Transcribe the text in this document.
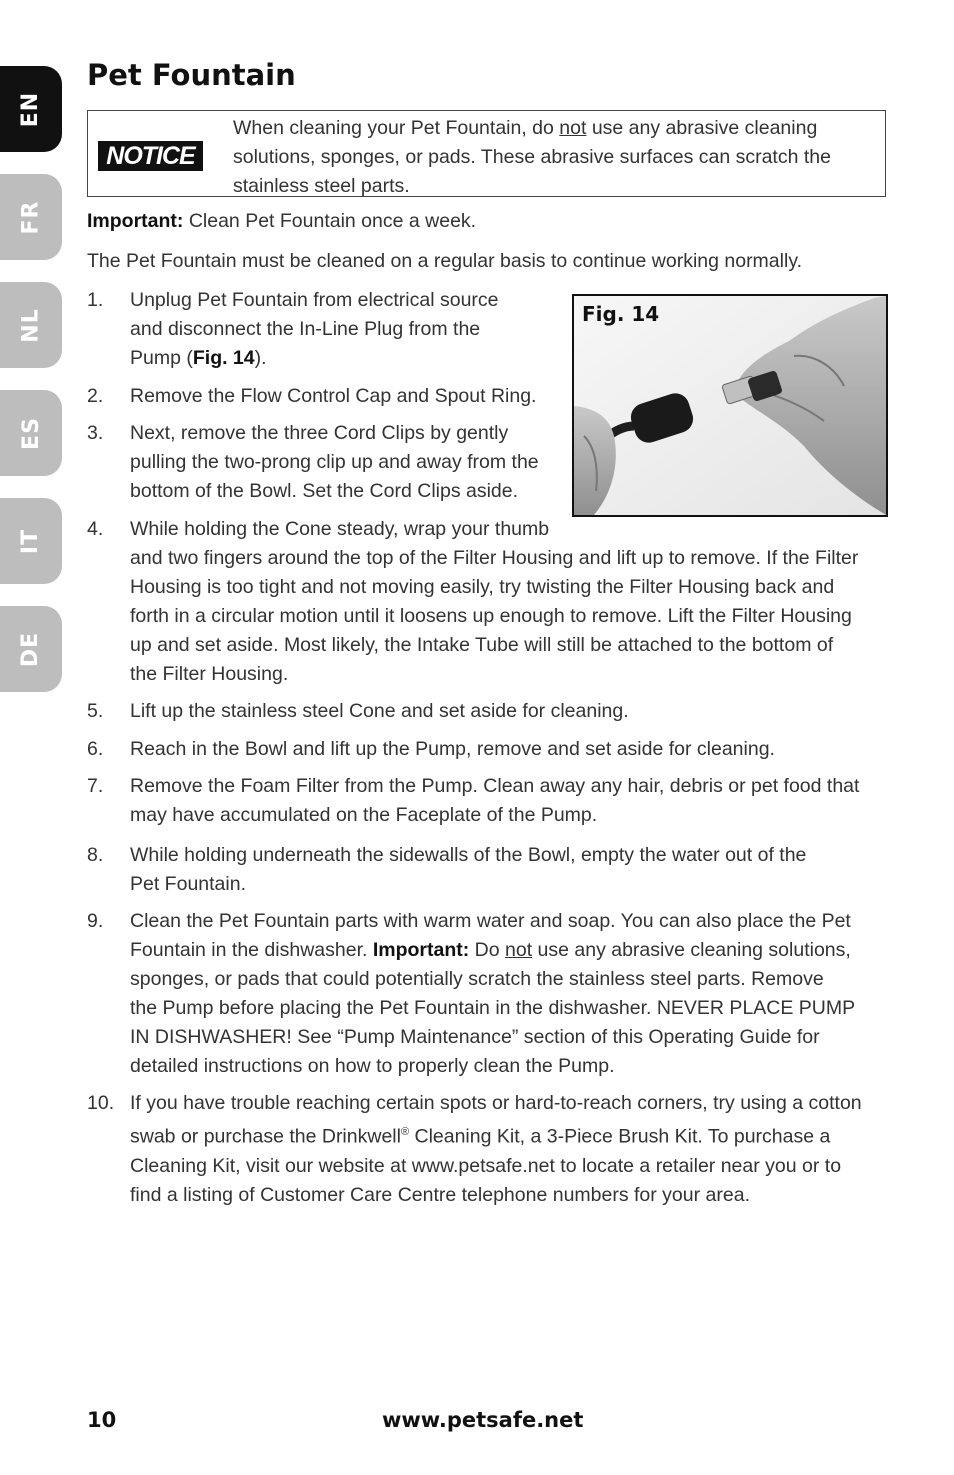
EN
FR
NL
ES
IT
DE
Pet Fountain
NOTICE
When cleaning your Pet Fountain, do not use any abrasive cleaning
solutions, sponges, or pads. These abrasive surfaces can scratch the
stainless steel parts.

Important: Clean Pet Fountain once a week.

The Pet Fountain must be cleaned on a regular basis to continue working normally.

Fig. 14
1.	Unplug Pet Fountain from electrical source
and disconnect the In-Line Plug from the
Pump (Fig. 14).
2.	Remove the Flow Control Cap and Spout Ring.
3.	Next, remove the three Cord Clips by gently
pulling the two-prong clip up and away from the
bottom of the Bowl. Set the Cord Clips aside.
4.	While holding the Cone steady, wrap your thumb
and two fingers around the top of the Filter Housing and lift up to remove. If the Filter
Housing is too tight and not moving easily, try twisting the Filter Housing back and
forth in a circular motion until it loosens up enough to remove. Lift the Filter Housing
up and set aside. Most likely, the Intake Tube will still be attached to the bottom of
the Filter Housing.
5.	Lift up the stainless steel Cone and set aside for cleaning.
6.	Reach in the Bowl and lift up the Pump, remove and set aside for cleaning.
7.	Remove the Foam Filter from the Pump. Clean away any hair, debris or pet food that
may have accumulated on the Faceplate of the Pump.
8.	While holding underneath the sidewalls of the Bowl, empty the water out of the
Pet Fountain.
9.	Clean the Pet Fountain parts with warm water and soap. You can also place the Pet
Fountain in the dishwasher. Important: Do not use any abrasive cleaning solutions,
sponges, or pads that could potentially scratch the stainless steel parts. Remove
the Pump before placing the Pet Fountain in the dishwasher. NEVER PLACE PUMP
IN DISHWASHER! See “Pump Maintenance” section of this Operating Guide for
detailed instructions on how to properly clean the Pump.
10. If you have trouble reaching certain spots or hard-to-reach corners, try using a cotton
swab or purchase the Drinkwell® Cleaning Kit, a 3-Piece Brush Kit. To purchase a
Cleaning Kit, visit our website at www.petsafe.net to locate a retailer near you or to
find a listing of Customer Care Centre telephone numbers for your area.
10	www.petsafe.net
